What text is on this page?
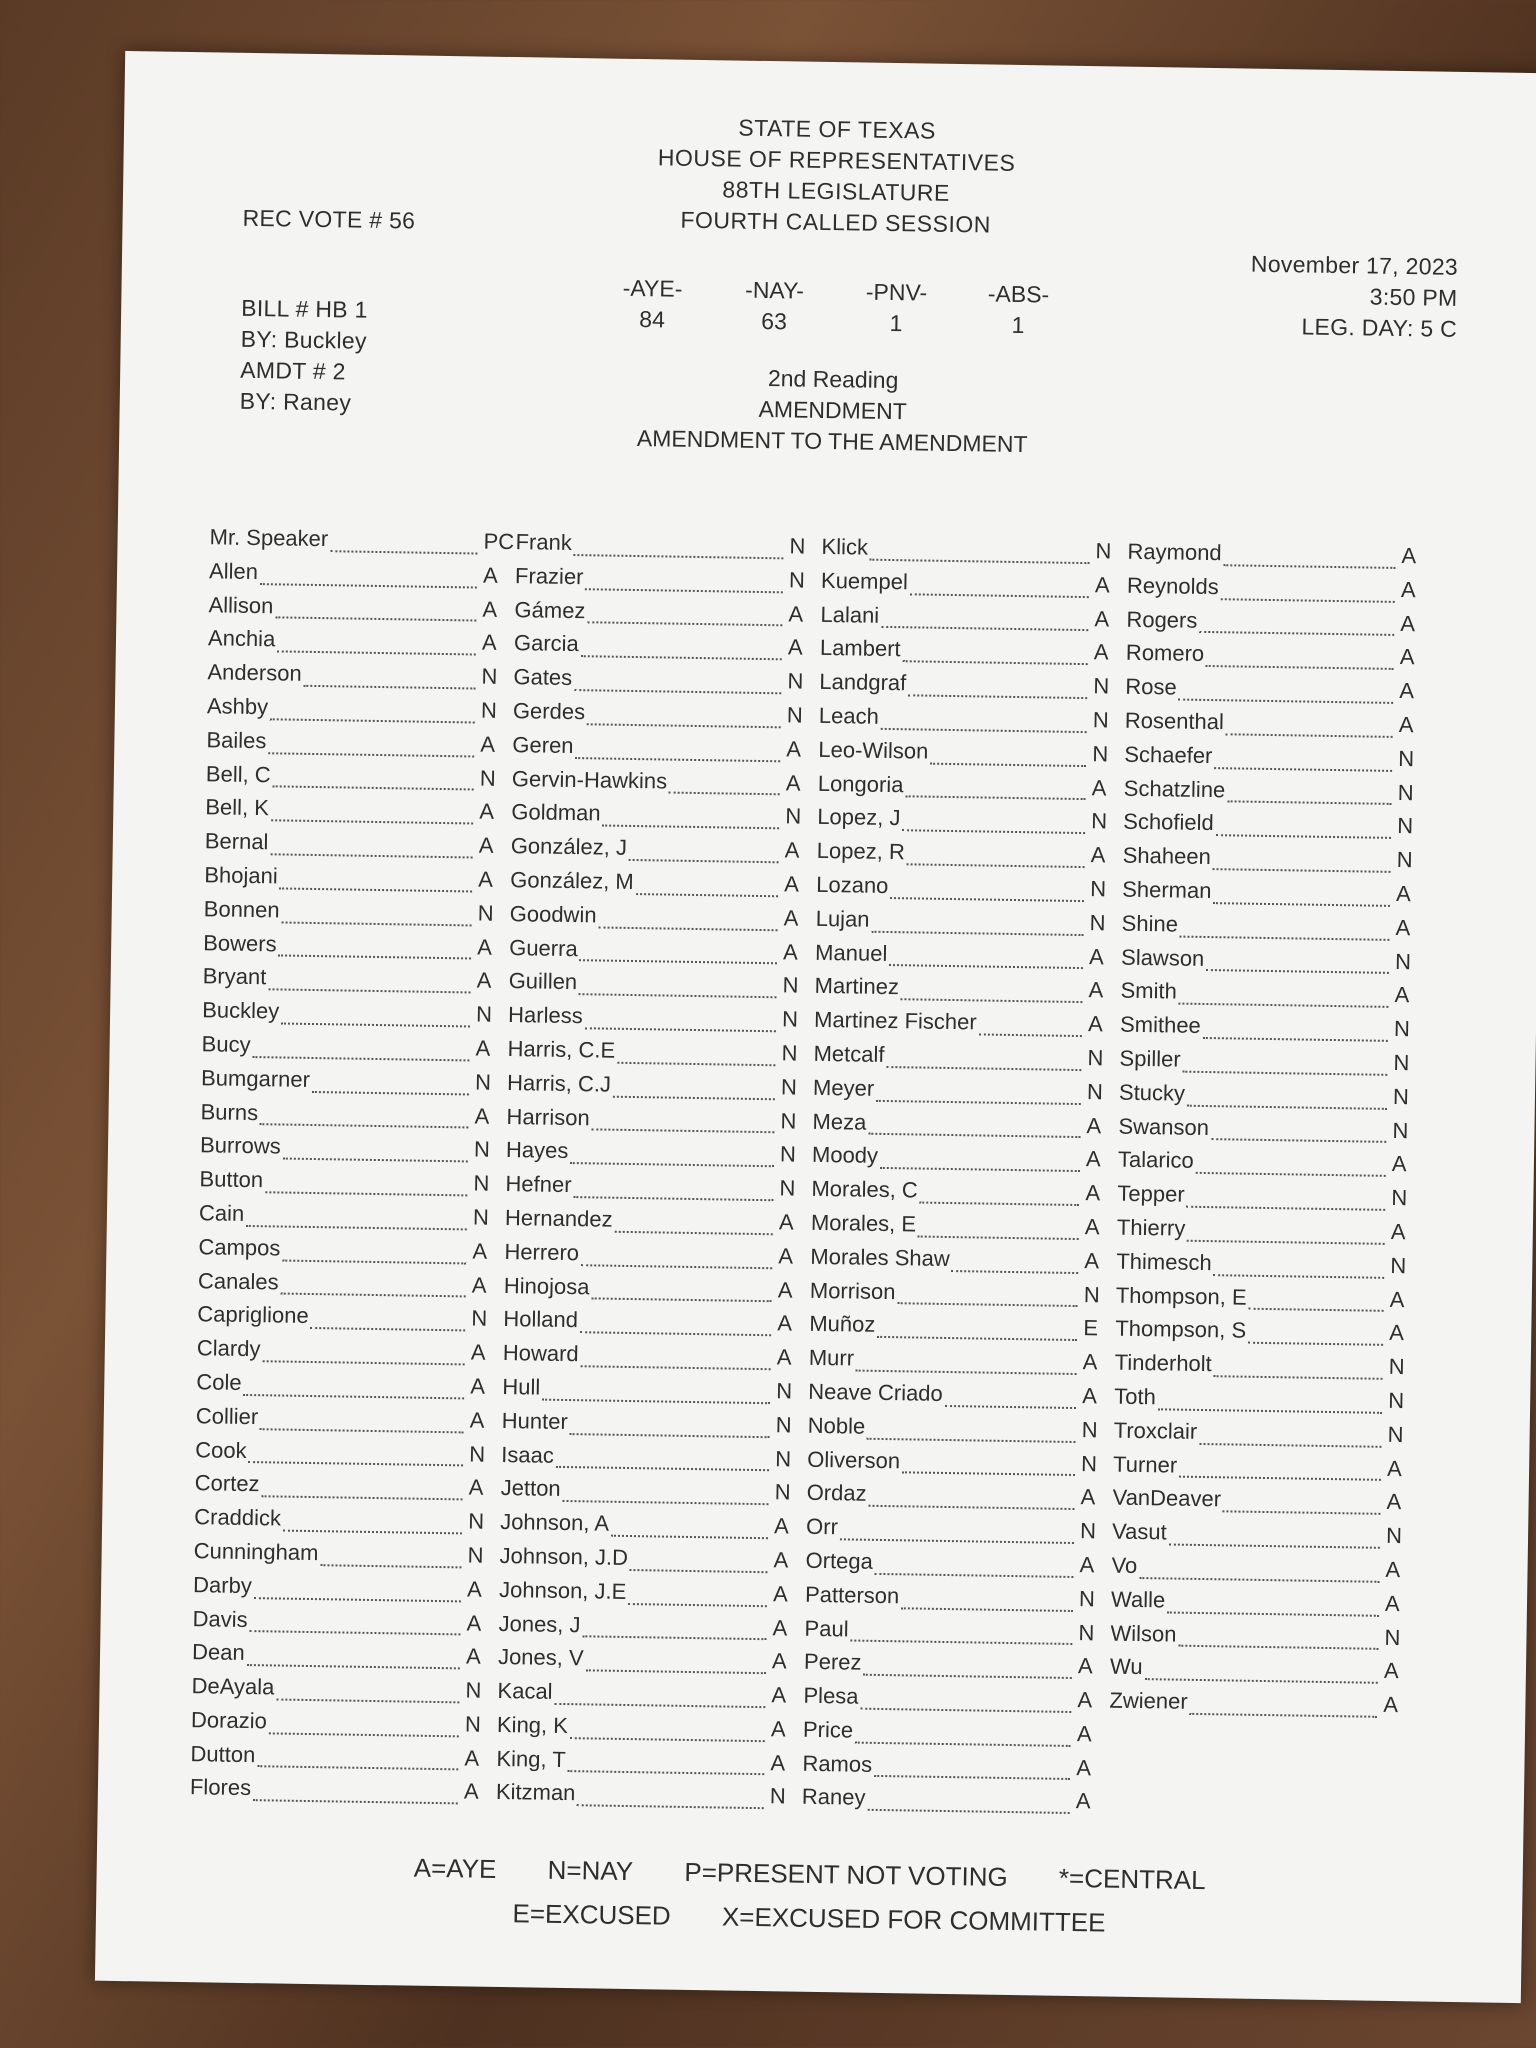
STATE OF TEXAS
HOUSE OF REPRESENTATIVES
88TH LEGISLATURE
FOURTH CALLED SESSION
REC VOTE # 56
November 17, 2023
3:50 PM
LEG. DAY: 5 C
BILL # HB 1
BY: Buckley
AMDT # 2
BY: Raney
-AYE-
84
-NAY-
63
-PNV-
1
-ABS-
1
2nd Reading
AMENDMENT
AMENDMENT TO THE AMENDMENT
Mr. Speaker	PC
Allen	A
Allison	A
Anchia	A
Anderson	N
Ashby	N
Bailes	A
Bell, C	N
Bell, K	A
Bernal	A
Bhojani	A
Bonnen	N
Bowers	A
Bryant	A
Buckley	N
Bucy	A
Bumgarner	N
Burns	A
Burrows	N
Button	N
Cain	N
Campos	A
Canales	A
Capriglione	N
Clardy	A
Cole	A
Collier	A
Cook	N
Cortez	A
Craddick	N
Cunningham	N
Darby	A
Davis	A
Dean	A
DeAyala	N
Dorazio	N
Dutton	A
Flores	A
Frank	N
Frazier	N
Gámez	A
Garcia	A
Gates	N
Gerdes	N
Geren	A
Gervin-Hawkins	A
Goldman	N
González, J	A
González, M	A
Goodwin	A
Guerra	A
Guillen	N
Harless	N
Harris, C.E	N
Harris, C.J	N
Harrison	N
Hayes	N
Hefner	N
Hernandez	A
Herrero	A
Hinojosa	A
Holland	A
Howard	A
Hull	N
Hunter	N
Isaac	N
Jetton	N
Johnson, A	A
Johnson, J.D	A
Johnson, J.E	A
Jones, J	A
Jones, V	A
Kacal	A
King, K	A
King, T	A
Kitzman	N
Klick	N
Kuempel	A
Lalani	A
Lambert	A
Landgraf	N
Leach	N
Leo-Wilson	N
Longoria	A
Lopez, J	N
Lopez, R	A
Lozano	N
Lujan	N
Manuel	A
Martinez	A
Martinez Fischer	A
Metcalf	N
Meyer	N
Meza	A
Moody	A
Morales, C	A
Morales, E	A
Morales Shaw	A
Morrison	N
Muñoz	E
Murr	A
Neave Criado	A
Noble	N
Oliverson	N
Ordaz	A
Orr	N
Ortega	A
Patterson	N
Paul	N
Perez	A
Plesa	A
Price	A
Ramos	A
Raney	A
Raymond	A
Reynolds	A
Rogers	A
Romero	A
Rose	A
Rosenthal	A
Schaefer	N
Schatzline	N
Schofield	N
Shaheen	N
Sherman	A
Shine	A
Slawson	N
Smith	A
Smithee	N
Spiller	N
Stucky	N
Swanson	N
Talarico	A
Tepper	N
Thierry	A
Thimesch	N
Thompson, E	A
Thompson, S	A
Tinderholt	N
Toth	N
Troxclair	N
Turner	A
VanDeaver	A
Vasut	N
Vo	A
Walle	A
Wilson	N
Wu	A
Zwiener	A
A=AYE N=NAY P=PRESENT NOT VOTING *=CENTRAL
E=EXCUSED X=EXCUSED FOR COMMITTEE
